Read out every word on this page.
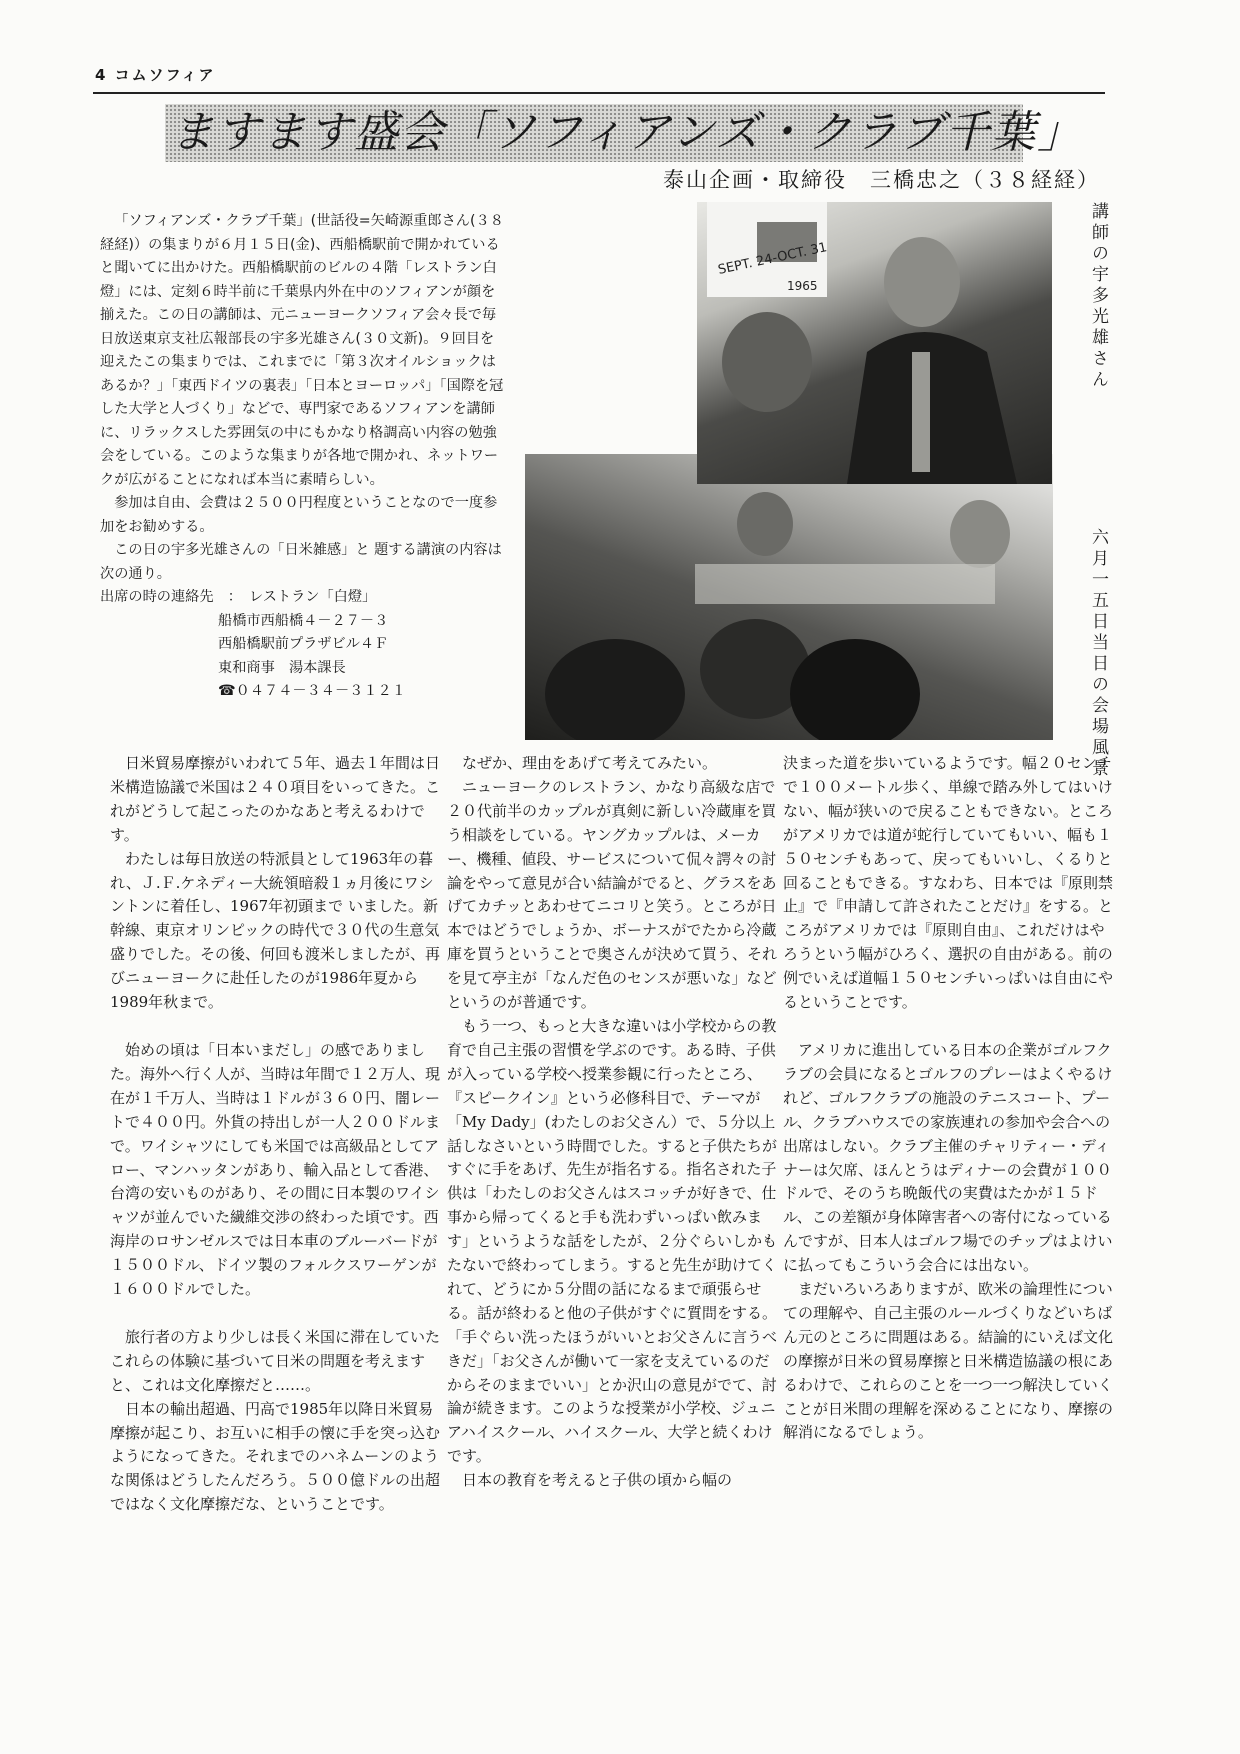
4 コムソフィア
ますます盛会「ソフィアンズ・クラブ千葉」
泰山企画・取締役　三橋忠之（３８経経）

「ソフィアンズ・クラブ千葉」(世話役=矢崎源重郎さん(３８経経)）の集まりが６月１５日(金)、西船橋駅前で開かれていると聞いてに出かけた。西船橋駅前のビルの４階「レストラン白燈」には、定刻６時半前に千葉県内外在中のソフィアンが顔を揃えた。この日の講師は、元ニューヨークソフィア会々長で毎日放送東京支社広報部長の宇多光雄さん(３０文新)。９回目を迎えたこの集まりでは、これまでに「第３次オイルショックはあるか？」「東西ドイツの裏表」「日本とヨーロッパ」「国際を冠した大学と人づくり」などで、専門家であるソフィアンを講師に、リラックスした雰囲気の中にもかなり格調高い内容の勉強会をしている。このような集まりが各地で開かれ、ネットワークが広がることになれば本当に素晴らしい。

参加は自由、会費は２５００円程度ということなので一度参加をお勧めする。

この日の宇多光雄さんの「日米雑感」と 題する講演の内容は次の通り。

出席の時の連絡先　：　レストラン「白燈」
船橋市西船橋４－２７－３
西船橋駅前プラザビル４Ｆ
東和商事　湯本課長
☎０４７４－３４－３１２１
SEPT. 24-OCT. 31
1965	講師の宇多光雄さん
六月一五日当日の会場風景

日米貿易摩擦がいわれて５年、過去１年間は日米構造協議で米国は２４０項目をいってきた。これがどうして起こったのかなあと考えるわけです。

わたしは毎日放送の特派員として1963年の暮れ、Ｊ.Ｆ.ケネディー大統領暗殺１ヵ月後にワシントンに着任し、1967年初頭まで いました。新幹線、東京オリンピックの時代で３０代の生意気盛りでした。その後、何回も渡米しましたが、再びニューヨークに赴任したのが1986年夏から1989年秋まで。

始めの頃は「日本いまだし」の感でありました。海外へ行く人が、当時は年間で１２万人、現在が１千万人、当時は１ドルが３６０円、闇レートで４００円。外貨の持出しが一人２００ドルまで。ワイシャツにしても米国では高級品としてアロー、マンハッタンがあり、輸入品として香港、台湾の安いものがあり、その間に日本製のワイシャツが並んでいた繊維交渉の終わった頃です。西海岸のロサンゼルスでは日本車のブルーバードが１５００ドル、ドイツ製のフォルクスワーゲンが１６００ドルでした。

旅行者の方より少しは長く米国に滞在していたこれらの体験に基づいて日米の問題を考えますと、これは文化摩擦だと……。

日本の輸出超過、円高で1985年以降日米貿易摩擦が起こり、お互いに相手の懐に手を突っ込むようになってきた。それまでのハネムーンのような関係はどうしたんだろう。５００億ドルの出超ではなく文化摩擦だな、ということです。

なぜか、理由をあげて考えてみたい。

ニューヨークのレストラン、かなり高級な店で２０代前半のカップルが真剣に新しい冷蔵庫を買う相談をしている。ヤングカップルは、メーカー、機種、値段、サービスについて侃々諤々の討論をやって意見が合い結論がでると、グラスをあげてカチッとあわせてニコリと笑う。ところが日本ではどうでしょうか、ボーナスがでたから冷蔵庫を買うということで奥さんが決めて買う、それを見て亭主が「なんだ色のセンスが悪いな」などというのが普通です。

もう一つ、もっと大きな違いは小学校からの教育で自己主張の習慣を学ぶのです。ある時、子供が入っている学校へ授業参観に行ったところ、『スピークイン』という必修科目で、テーマが「My Dady」(わたしのお父さん）で、５分以上話しなさいという時間でした。すると子供たちがすぐに手をあげ、先生が指名する。指名された子供は「わたしのお父さんはスコッチが好きで、仕事から帰ってくると手も洗わずいっぱい飲みます」というような話をしたが、２分ぐらいしかもたないで終わってしまう。すると先生が助けてくれて、どうにか５分間の話になるまで頑張らせる。話が終わると他の子供がすぐに質問をする。「手ぐらい洗ったほうがいいとお父さんに言うべきだ」「お父さんが働いて一家を支えているのだからそのままでいい」とか沢山の意見がでて、討論が続きます。このような授業が小学校、ジュニアハイスクール、ハイスクール、大学と続くわけです。

日本の教育を考えると子供の頃から幅の

決まった道を歩いているようです。幅２０センチで１００メートル歩く、単線で踏み外してはいけない、幅が狭いので戻ることもできない。ところがアメリカでは道が蛇行していてもいい、幅も１５０センチもあって、戻ってもいいし、くるりと回ることもできる。すなわち、日本では『原則禁止』で『申請して許されたことだけ』をする。ところがアメリカでは『原則自由』、これだけはやろうという幅がひろく、選択の自由がある。前の例でいえば道幅１５０センチいっぱいは自由にやるということです。

アメリカに進出している日本の企業がゴルフクラブの会員になるとゴルフのプレーはよくやるけれど、ゴルフクラブの施設のテニスコート、プール、クラブハウスでの家族連れの参加や会合への出席はしない。クラブ主催のチャリティー・ディナーは欠席、ほんとうはディナーの会費が１００ドルで、そのうち晩飯代の実費はたかが１５ドル、この差額が身体障害者への寄付になっているんですが、日本人はゴルフ場でのチップはよけいに払ってもこういう会合には出ない。

まだいろいろありますが、欧米の論理性についての理解や、自己主張のルールづくりなどいちばん元のところに問題はある。結論的にいえば文化の摩擦が日米の貿易摩擦と日米構造協議の根にあるわけで、これらのことを一つ一つ解決していくことが日米間の理解を深めることになり、摩擦の解消になるでしょう。
